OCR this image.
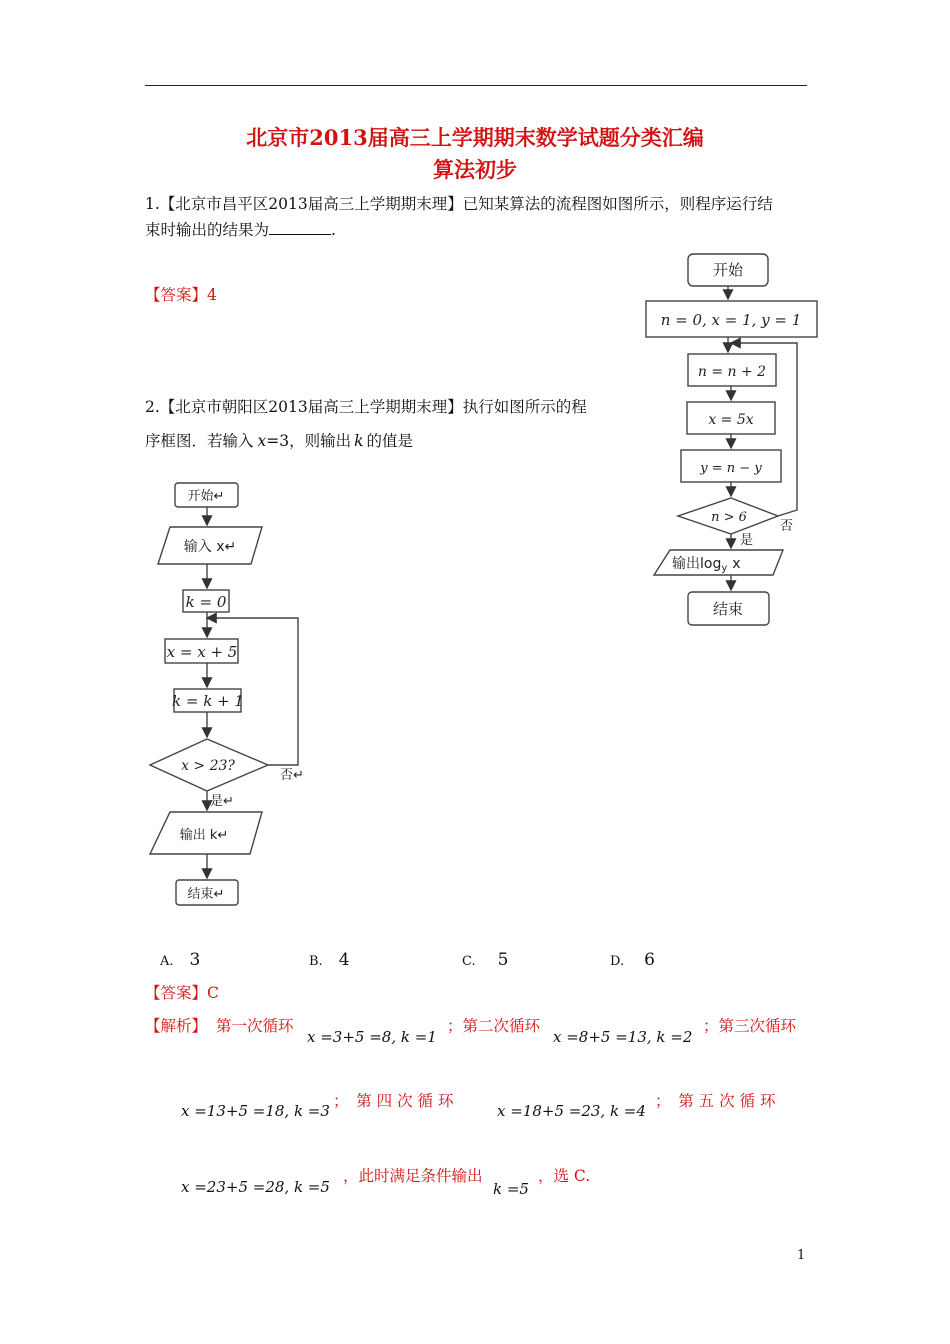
北京市2013届高三上学期期末数学试题分类汇编
算法初步
1.【北京市昌平区2013届高三上学期期末理】已知某算法的流程图如图所示，则程序运行结
束时输出的结果为	.
【答案】4
2.【北京市朝阳区2013届高三上学期期末理】执行如图所示的程
序框图．若输入 x=3，则输出 k 的值是
开始
n = 0, x = 1, y = 1
n = n + 2
x = 5x
y = n − y
n > 6
否
是
输出$\log_y x$
结束
开始↵
输入 x↵
k = 0
x = x + 5
k = k + 1
x > 23?
否↵
是↵
输出 k↵
结束↵
A. 3	B. 4	C. 5	D. 6
【答案】C
【解析】 第一次循环
x =3+5 =8, k =1
；第二次循环
x =8+5 =13, k =2
；第三次循环
x =13+5 =18, k =3
；　第 四 次 循 环
x =18+5 =23, k =4
；　第 五 次 循 环
x =23+5 =28, k =5
，此时满足条件输出
k =5
，选 C.
1
